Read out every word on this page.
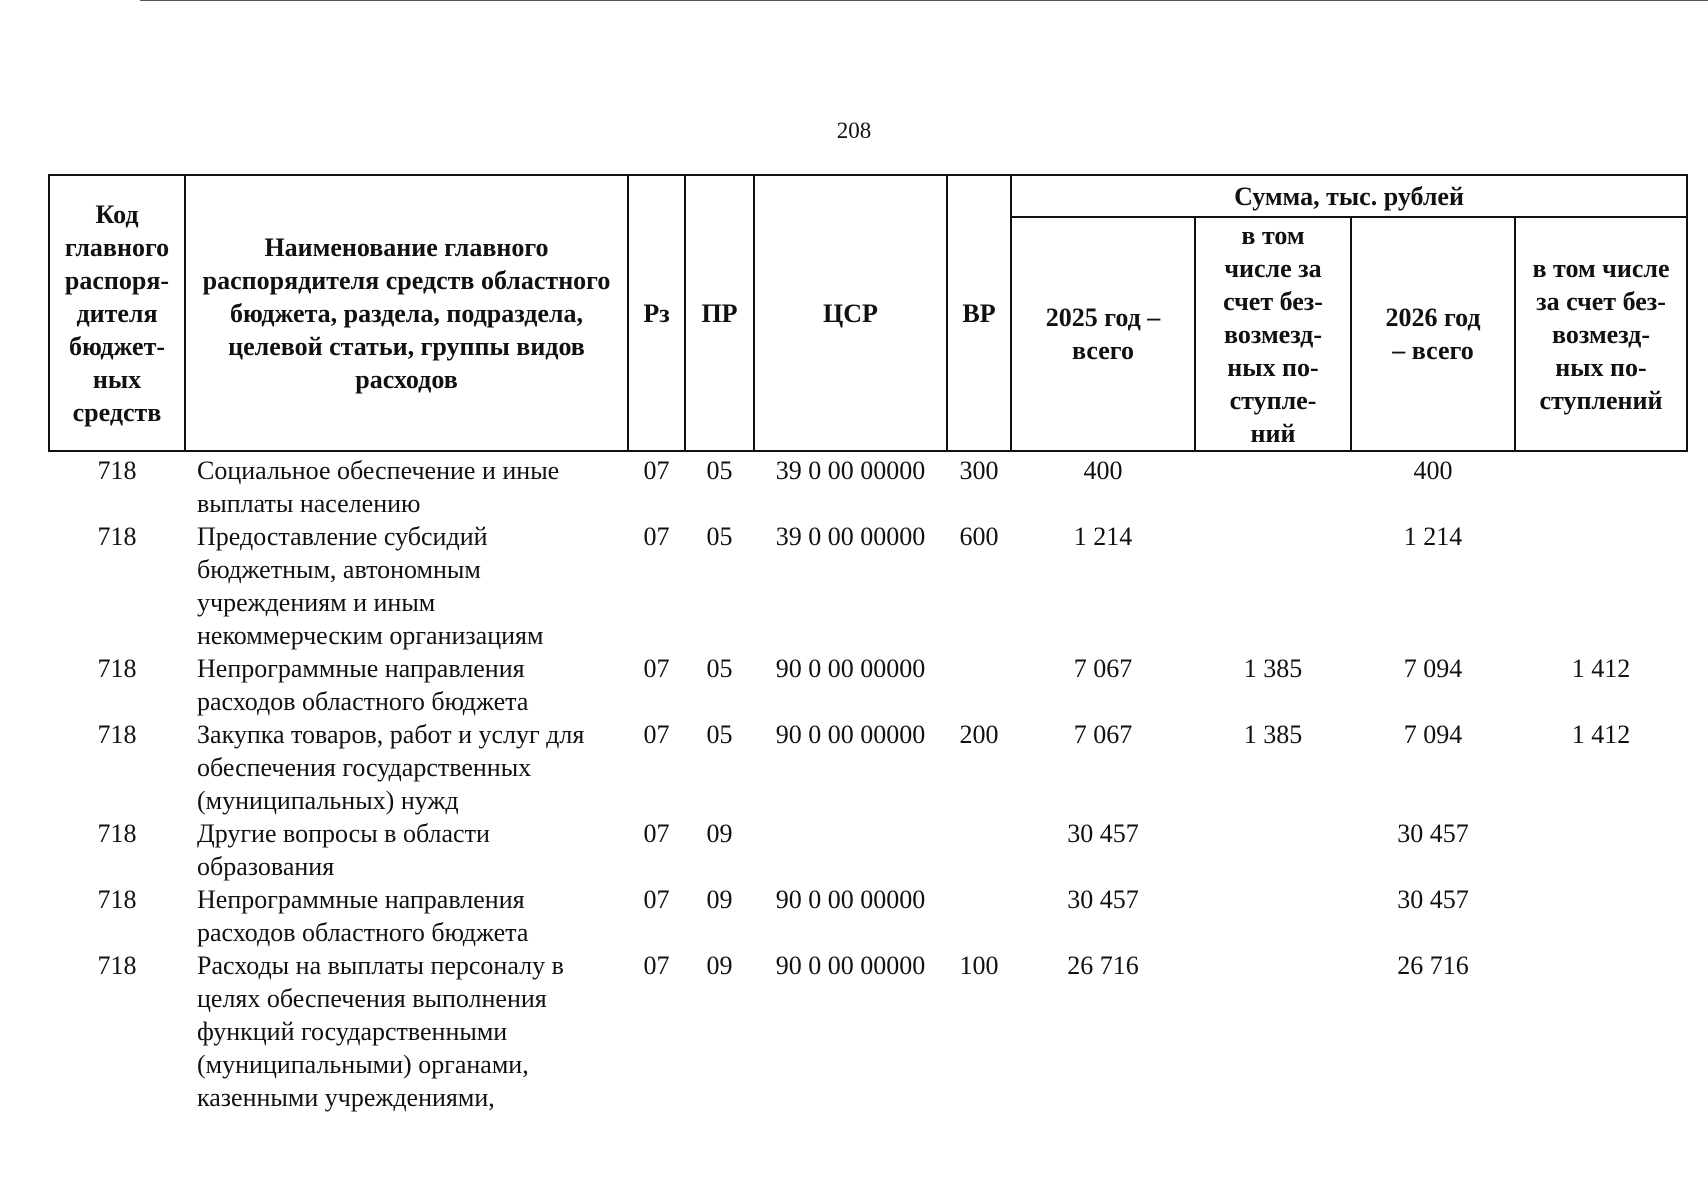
208
Код главного распоря-дителя бюджет-ных средств	Наименование главного распорядителя средств областного бюджета, раздела, подраздела, целевой статьи, группы видов расходов	Рз	ПР	ЦСР	ВР	Сумма, тыс. рублей			
						2025 год – всего	в том числе за счет без-возмезд-ных по-ступле-ний	2026 год – всего	в том числе за счет без-возмезд-ных по-ступлений
718	Социальное обеспечение и иные выплаты населению	07	05	39 0 00 00000	300	400		400	
718	Предоставление субсидий бюджетным, автономным учреждениям и иным некоммерческим организациям	07	05	39 0 00 00000	600	1 214		1 214	
718	Непрограммные направления расходов областного бюджета	07	05	90 0 00 00000		7 067	1 385	7 094	1 412
718	Закупка товаров, работ и услуг для обеспечения государственных (муниципальных) нужд	07	05	90 0 00 00000	200	7 067	1 385	7 094	1 412
718	Другие вопросы в области образования	07	09			30 457		30 457	
718	Непрограммные направления расходов областного бюджета	07	09	90 0 00 00000		30 457		30 457	
718	Расходы на выплаты персоналу в целях обеспечения выполнения функций государственными (муниципальными) органами, казенными учреждениями,	07	09	90 0 00 00000	100	26 716		26 716	
